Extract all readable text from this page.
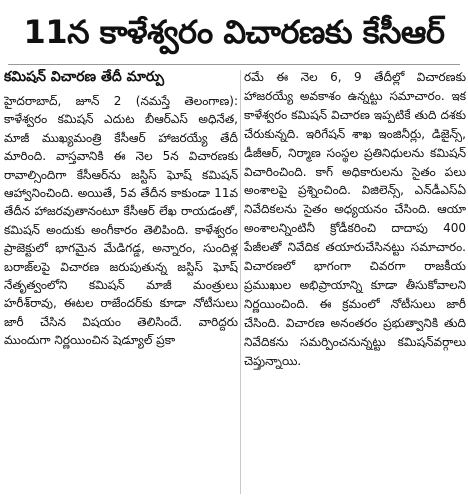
11న కాళేశ్వరం విచారణకు కేసీఆర్
కమిషన్ విచారణ తేదీ మార్పు

హైదరాబాద్, జూన్ 2 (నమస్తే తెలంగాణ): కాళేశ్వరం కమిషన్ ఎదుట బీఆర్ఎస్ అధినేత, మాజీ ముఖ్యమంత్రి కేసీఆర్ హాజరయ్యే తేదీ మారింది. వాస్తవానికి ఈ నెల 5న విచారణకు రావాల్సిందిగా కేసీఆర్‌ను జస్టిస్ ఘోష్ కమిషన్ ఆహ్వానించింది. అయితే, 5వ తేదీన కాకుండా 11వ తేదీన హాజరవుతానంటూ కేసీఆర్ లేఖ రాయడంతో, కమిషన్ అందుకు అంగీకారం తెలిపింది. కాళేశ్వరం ప్రాజెక్టులో భాగమైన మేడిగడ్డ, అన్నారం, సుందిళ్ల బరాజ్‌లపై విచారణ జరుపుతున్న జస్టిస్ ఘోష్ నేతృత్వంలోని కమిషన్ మాజీ మంత్రులు హరీశ్‌రావు, ఈటల రాజేందర్‌కు కూడా నోటీసులు జారీ చేసిన విషయం తెలిసిందే. వారిద్దరు ముందుగా నిర్ణయించిన షెడ్యూల్ ప్రకా

రమే ఈ నెల 6, 9 తేదీల్లో విచారణకు హాజరయ్యే అవకాశం ఉన్నట్టు సమాచారం. ఇక కాళేశ్వరం కమిషన్ విచారణ ఇప్పటికే తుది దశకు చేరుకున్నది. ఇరిగేషన్ శాఖ ఇంజినీర్లు, డిజైన్స్, డీజీఆర్, నిర్మాణ సంస్థల ప్రతినిధులను కమిషన్ విచారించింది. కాగ్ అధికారులను సైతం పలు అంశాలపై ప్రశ్నించింది. విజిలెన్స్, ఎన్‌డీఎస్‌ఏ నివేదికలను సైతం అధ్యయనం చేసింది. ఆయా అంశాలన్నింటినీ క్రోడీకరించి దాదాపు 400 పేజీలతో నివేదిక తయారుచేసినట్టు సమాచారం. విచారణలో భాగంగా చివరగా రాజకీయ ప్రముఖుల అభిప్రాయాన్ని కూడా తీసుకోవాలని నిర్ణయించింది. ఈ క్రమంలో నోటీసులు జారీ చేసింది. విచారణ అనంతరం ప్రభుత్వానికి తుది నివేదికను సమర్పించనున్నట్టు కమిషన్‌వర్గాలు చెప్తున్నాయి.
